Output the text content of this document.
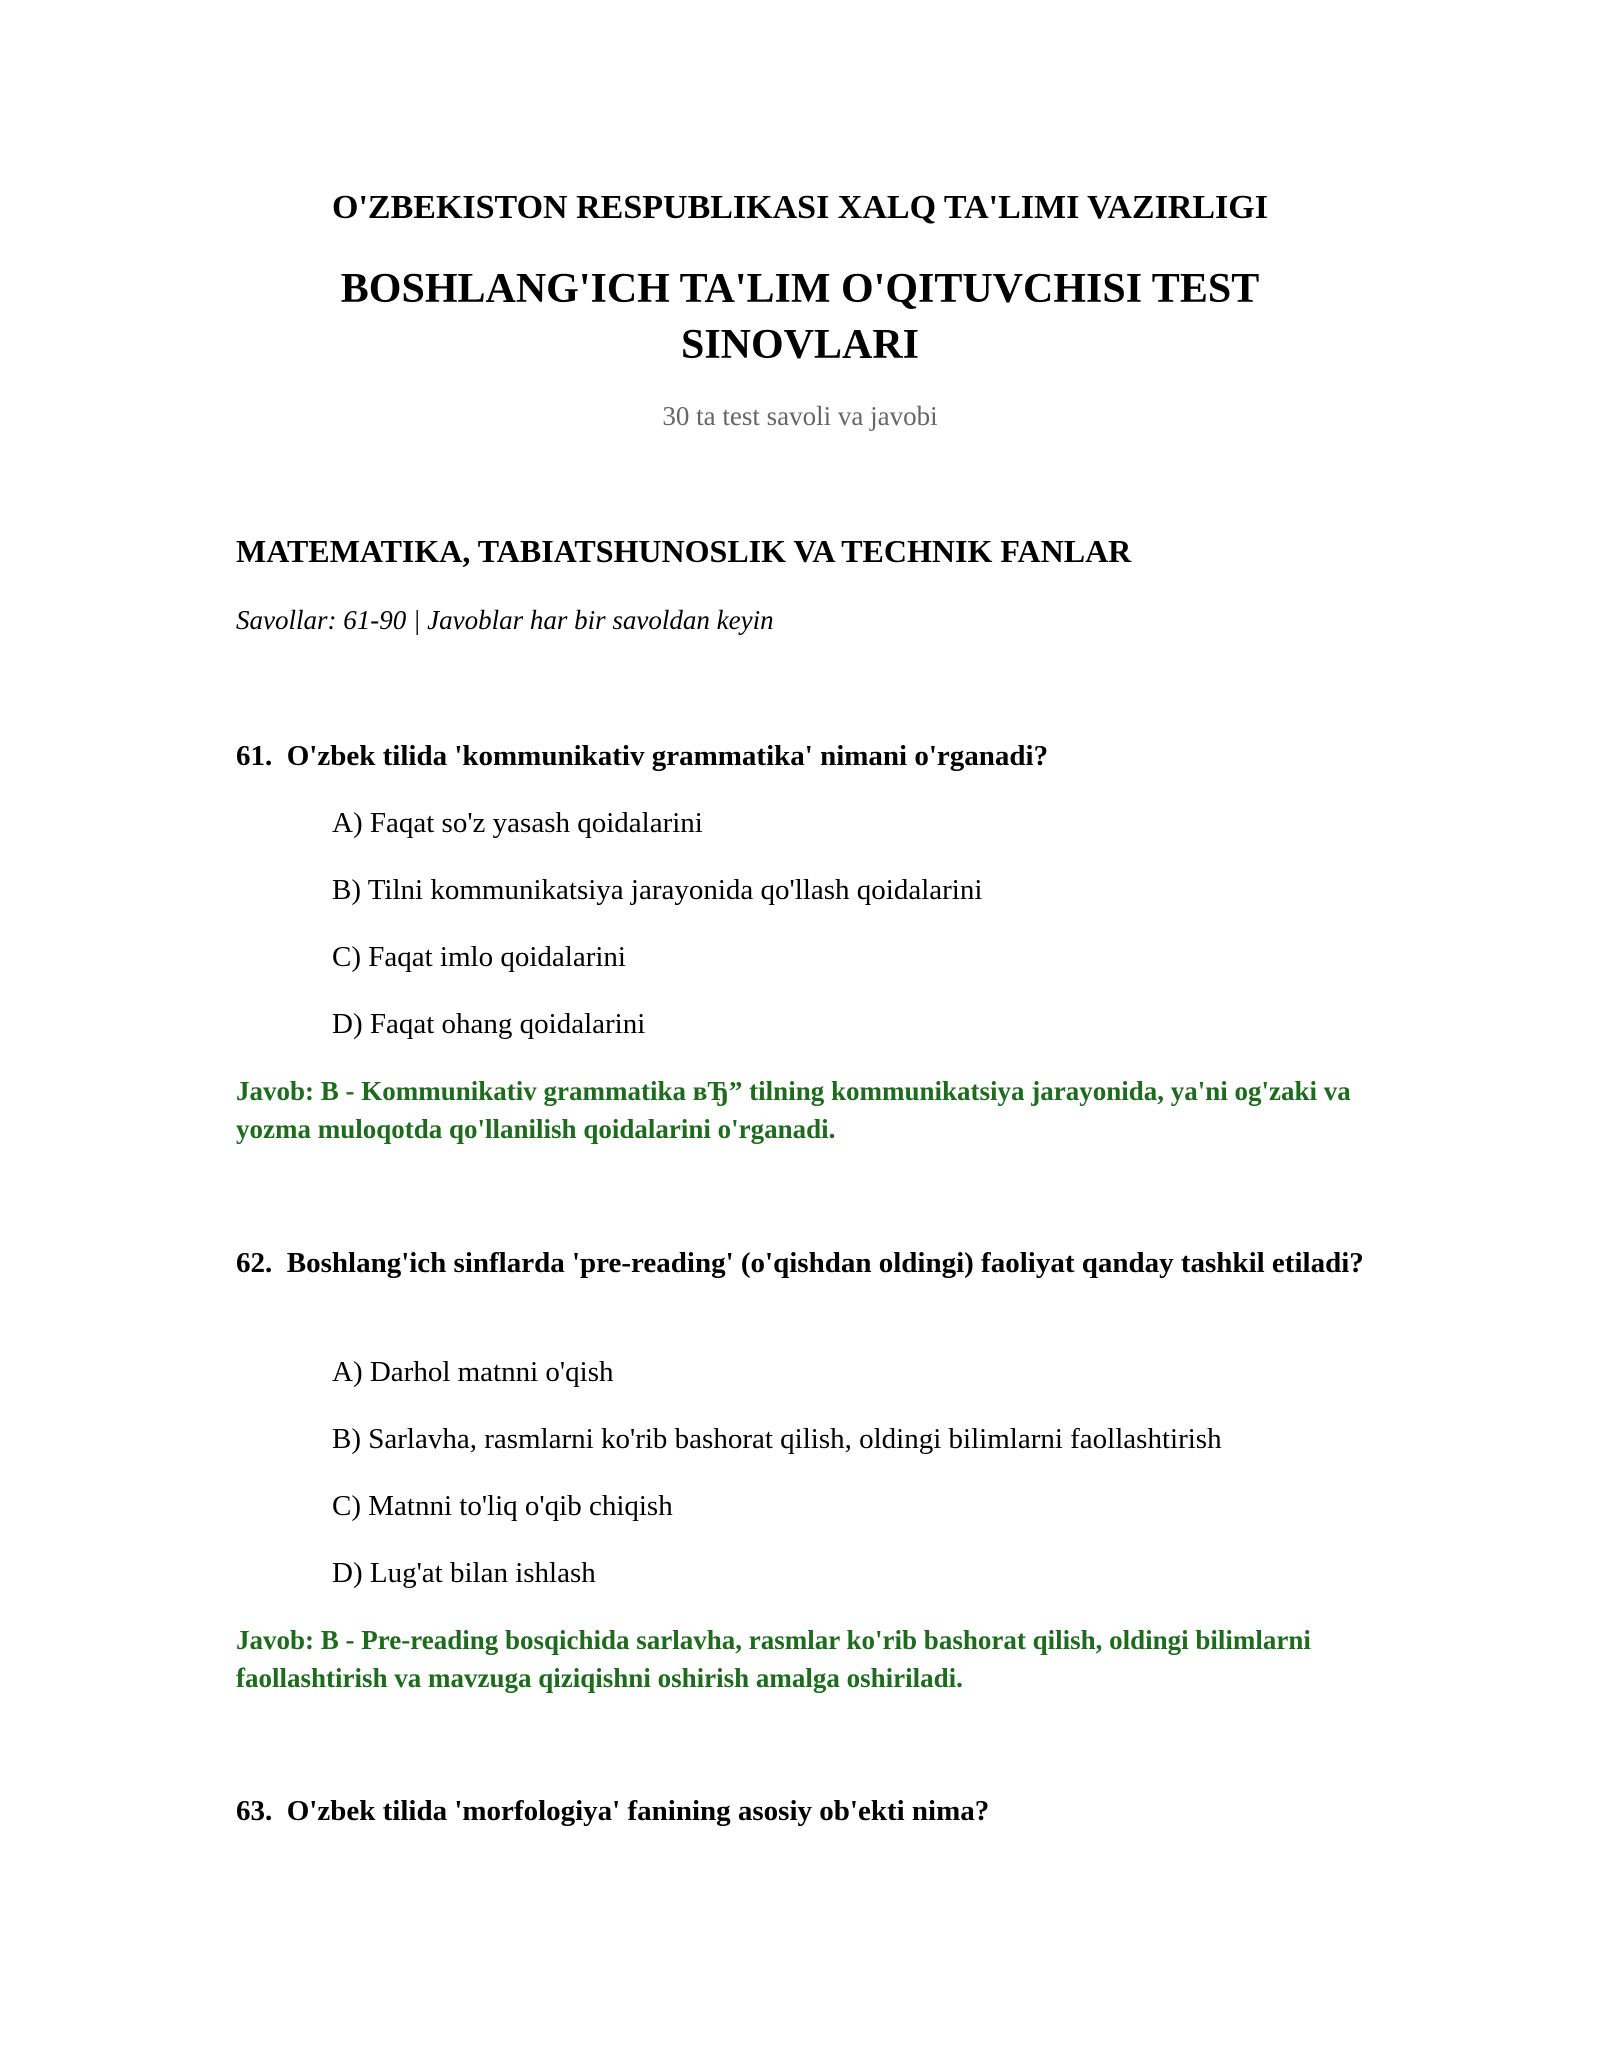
O'ZBEKISTON RESPUBLIKASI XALQ TA'LIMI VAZIRLIGI
BOSHLANG'ICH TA'LIM O'QITUVCHISI TEST SINOVLARI
30 ta test savoli va javobi
MATEMATIKA, TABIATSHUNOSLIK VA TECHNIK FANLAR
Savollar: 61-90 | Javoblar har bir savoldan keyin
61. O'zbek tilida 'kommunikativ grammatika' nimani o'rganadi?
A) Faqat so'z yasash qoidalarini
B) Tilni kommunikatsiya jarayonida qo'llash qoidalarini
C) Faqat imlo qoidalarini
D) Faqat ohang qoidalarini
Javob: B - Kommunikativ grammatika вЂ” tilning kommunikatsiya jarayonida, ya'ni og'zaki va yozma muloqotda qo'llanilish qoidalarini o'rganadi.
62. Boshlang'ich sinflarda 'pre-reading' (o'qishdan oldingi) faoliyat qanday tashkil etiladi?
A) Darhol matnni o'qish
B) Sarlavha, rasmlarni ko'rib bashorat qilish, oldingi bilimlarni faollashtirish
C) Matnni to'liq o'qib chiqish
D) Lug'at bilan ishlash
Javob: B - Pre-reading bosqichida sarlavha, rasmlar ko'rib bashorat qilish, oldingi bilimlarni faollashtirish va mavzuga qiziqishni oshirish amalga oshiriladi.
63. O'zbek tilida 'morfologiya' fanining asosiy ob'ekti nima?
